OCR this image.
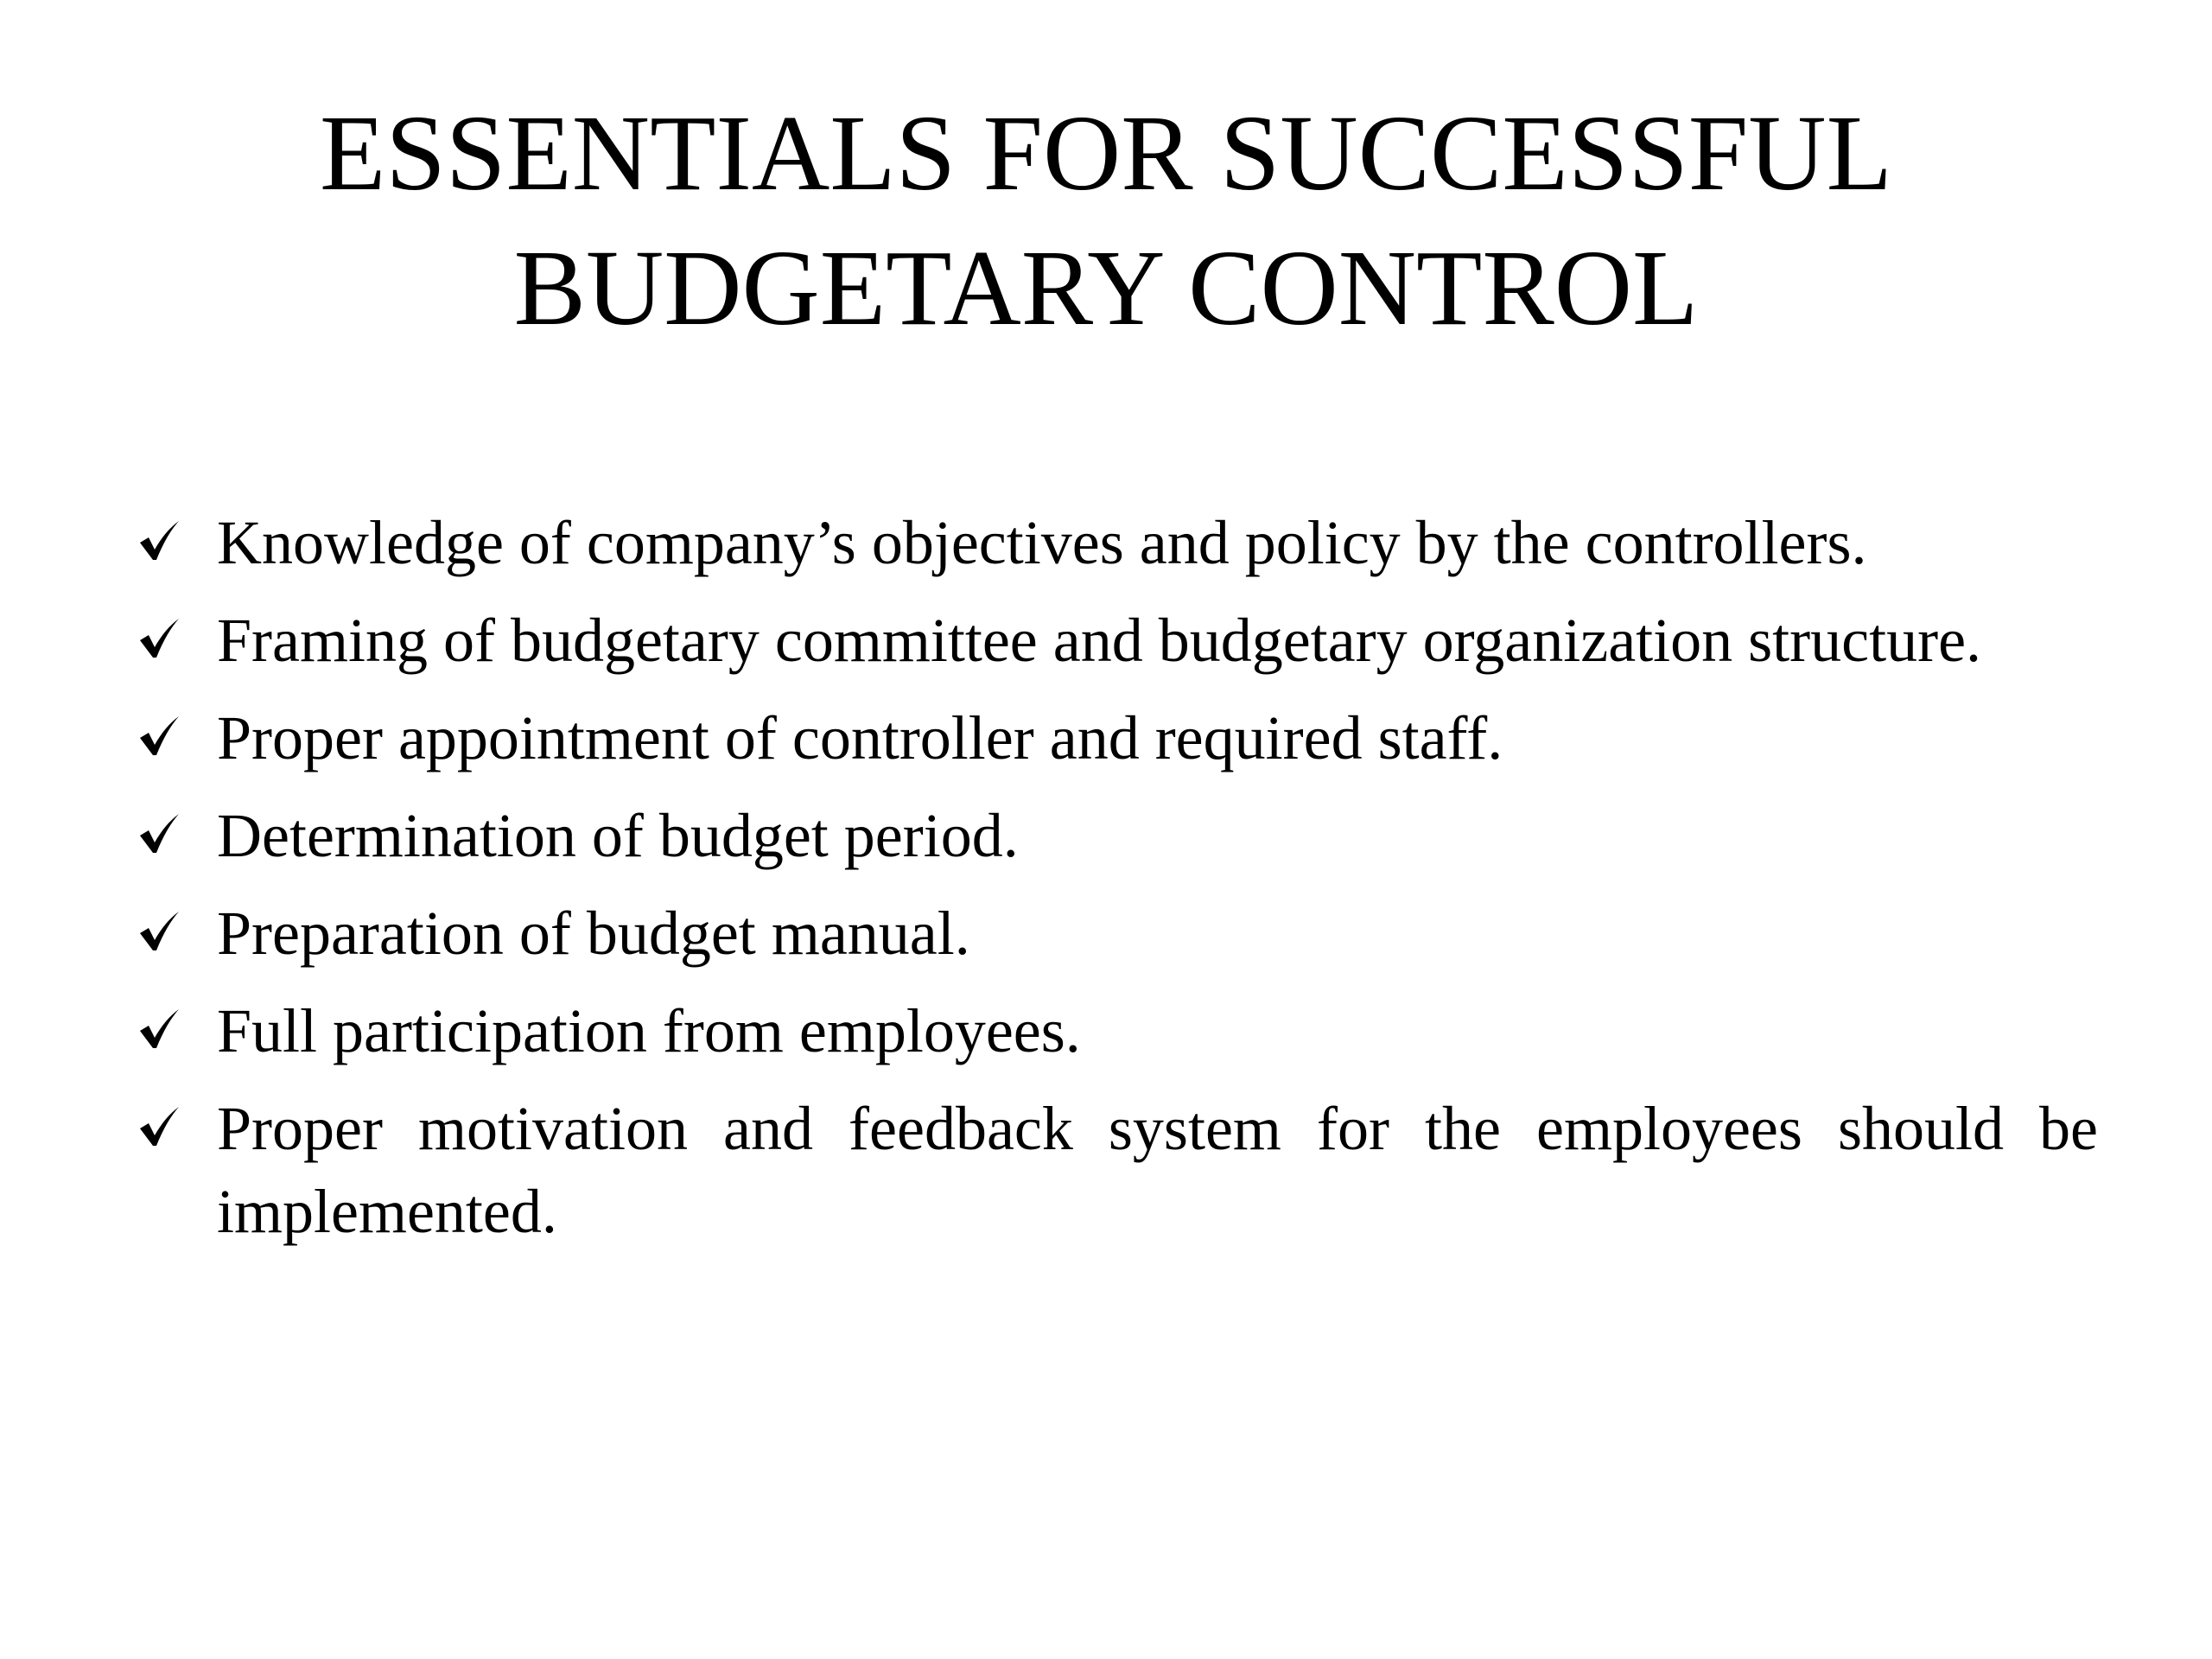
ESSENTIALS FOR SUCCESSFUL
BUDGETARY CONTROL
Knowledge of company’s objectives and policy by the controllers.
Framing of budgetary committee and budgetary organization structure.
Proper appointment of controller and required staff.
Determination of budget period.
Preparation of budget manual.
Full participation from employees.
Proper motivation and feedback system for the employees should be implemented.
